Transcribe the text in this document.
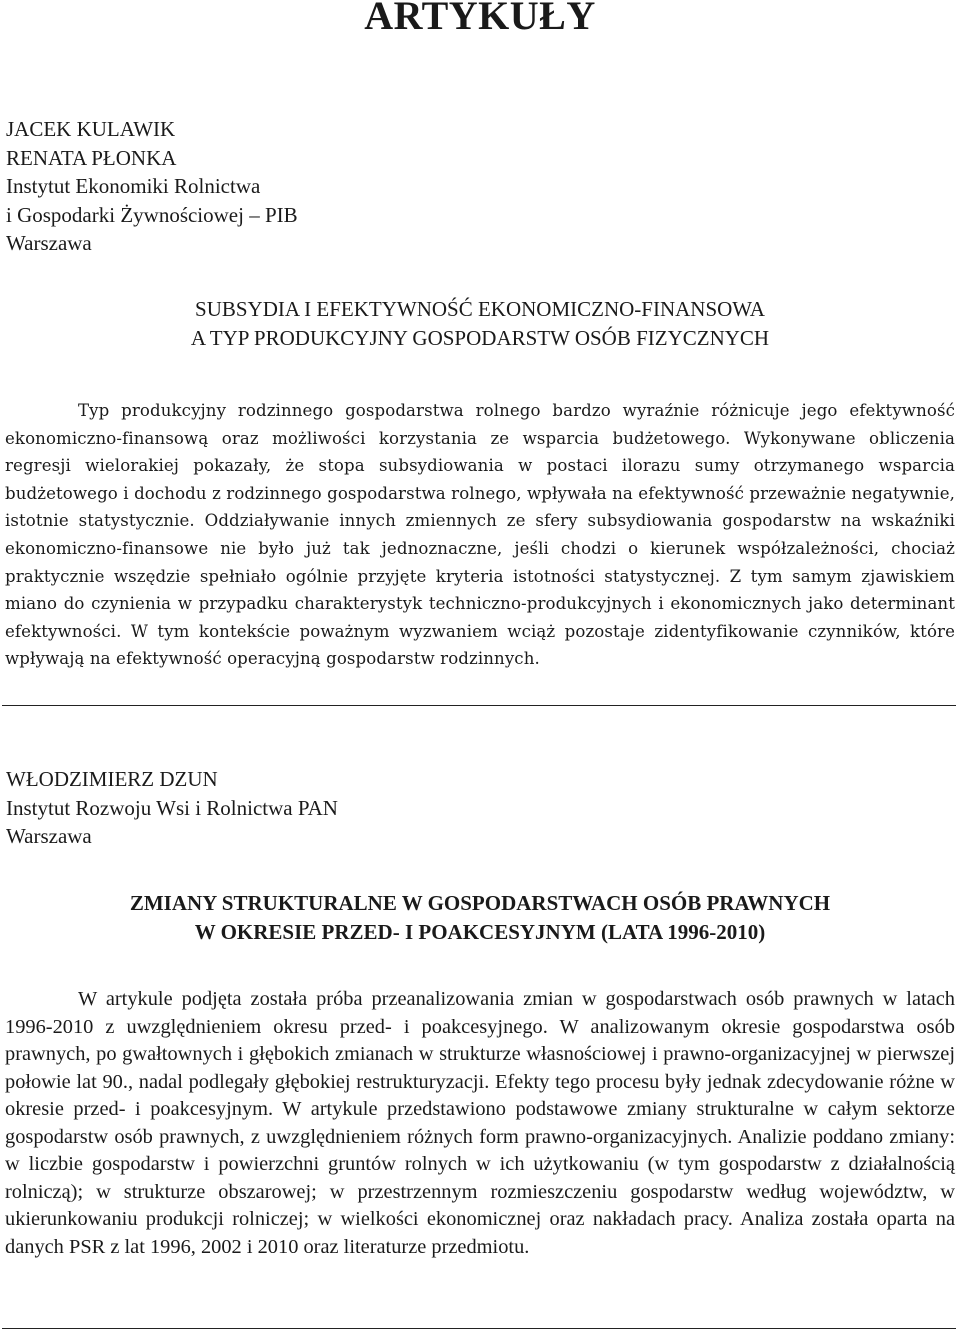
ARTYKUŁY
JACEK KULAWIK
RENATA PŁONKA
Instytut Ekonomiki Rolnictwa
i Gospodarki Żywnościowej – PIB
Warszawa
SUBSYDIA I EFEKTYWNOŚĆ EKONOMICZNO-FINANSOWA
A TYP PRODUKCYJNY GOSPODARSTW OSÓB FIZYCZNYCH

Typ produkcyjny rodzinnego gospodarstwa rolnego bardzo wyraźnie różnicuje jego efektywność ekonomiczno-finansową oraz możliwości korzystania ze wsparcia budżetowego. Wykonywane obliczenia regresji wielorakiej pokazały, że stopa subsydiowania w postaci ilorazu sumy otrzymanego wsparcia budżetowego i dochodu z rodzinnego gospodarstwa rolnego, wpływała na efektywność przeważnie negatywnie, istotnie statystycznie. Oddziaływanie innych zmiennych ze sfery subsydiowania gospodarstw na wskaźniki ekonomiczno-finansowe nie było już tak jednoznaczne, jeśli chodzi o kierunek współzależności, chociaż praktycznie wszędzie spełniało ogólnie przyjęte kryteria istotności statystycznej. Z tym samym zjawiskiem miano do czynienia w przypadku charakterystyk techniczno-produkcyjnych i ekonomicznych jako determinant efektywności. W tym kontekście poważnym wyzwaniem wciąż pozostaje zidentyfikowanie czynników, które wpływają na efektywność operacyjną gospodarstw rodzinnych.

WŁODZIMIERZ DZUN
Instytut Rozwoju Wsi i Rolnictwa PAN
Warszawa
ZMIANY STRUKTURALNE W GOSPODARSTWACH OSÓB PRAWNYCH
W OKRESIE PRZED- I POAKCESYJNYM (LATA 1996-2010)

W artykule podjęta została próba przeanalizowania zmian w gospodarstwach osób prawnych w latach 1996-2010 z uwzględnieniem okresu przed- i poakcesyjnego. W analizowanym okresie gospodarstwa osób prawnych, po gwałtownych i głębokich zmianach w strukturze własnościowej i prawno-organizacyjnej w pierwszej połowie lat 90., nadal podlegały głębokiej restrukturyzacji. Efekty tego procesu były jednak zdecydowanie różne w okresie przed- i poakcesyjnym. W artykule przedstawiono podstawowe zmiany strukturalne w całym sektorze gospodarstw osób prawnych, z uwzględnieniem różnych form prawno-organizacyjnych. Analizie poddano zmiany: w liczbie gospodarstw i powierzchni gruntów rolnych w ich użytkowaniu (w tym gospodarstw z działalnością rolniczą); w strukturze obszarowej; w przestrzennym rozmieszczeniu gospodarstw według województw, w ukierunkowaniu produkcji rolniczej; w wielkości ekonomicznej oraz nakładach pracy. Analiza została oparta na danych PSR z lat 1996, 2002 i 2010 oraz literaturze przedmiotu.
